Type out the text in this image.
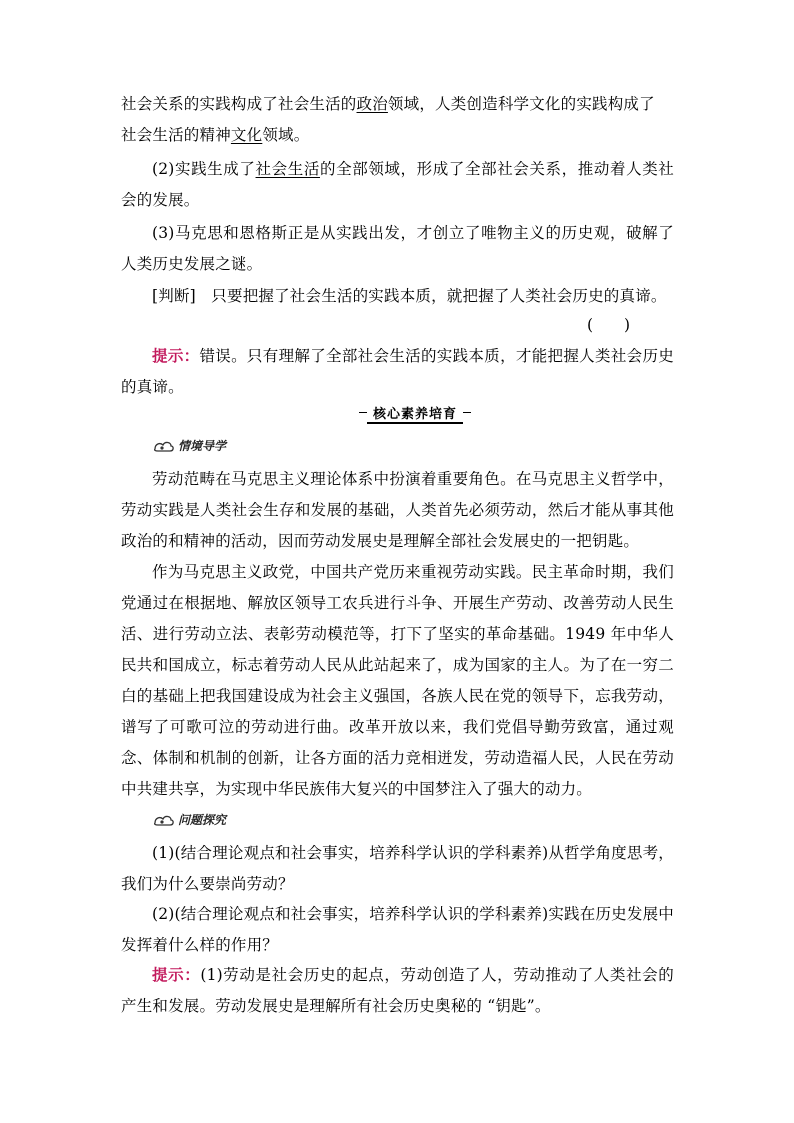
社会关系的实践构成了社会生活的政治领域，人类创造科学文化的实践构成了
社会生活的精神文化领域。

(2)实践生成了社会生活的全部领域，形成了全部社会关系，推动着人类社会的发展。

(3)马克思和恩格斯正是从实践出发，才创立了唯物主义的历史观，破解了人类历史发展之谜。

[判断] 只要把握了社会生活的实践本质，就把握了人类社会历史的真谛。

(　　)

提示：错误。只有理解了全部社会生活的实践本质，才能把握人类社会历史的真谛。

核心素养培育
情境导学

劳动范畴在马克思主义理论体系中扮演着重要角色。在马克思主义哲学中，劳动实践是人类社会生存和发展的基础，人类首先必须劳动，然后才能从事其他政治的和精神的活动，因而劳动发展史是理解全部社会发展史的一把钥匙。

作为马克思主义政党，中国共产党历来重视劳动实践。民主革命时期，我们党通过在根据地、解放区领导工农兵进行斗争、开展生产劳动、改善劳动人民生活、进行劳动立法、表彰劳动模范等，打下了坚实的革命基础。1949 年中华人民共和国成立，标志着劳动人民从此站起来了，成为国家的主人。为了在一穷二白的基础上把我国建设成为社会主义强国，各族人民在党的领导下，忘我劳动，谱写了可歌可泣的劳动进行曲。改革开放以来，我们党倡导勤劳致富，通过观念、体制和机制的创新，让各方面的活力竞相迸发，劳动造福人民，人民在劳动中共建共享，为实现中华民族伟大复兴的中国梦注入了强大的动力。

问题探究

(1)(结合理论观点和社会事实，培养科学认识的学科素养)从哲学角度思考，我们为什么要崇尚劳动？

(2)(结合理论观点和社会事实，培养科学认识的学科素养)实践在历史发展中发挥着什么样的作用？

提示：(1)劳动是社会历史的起点，劳动创造了人，劳动推动了人类社会的产生和发展。劳动发展史是理解所有社会历史奥秘的 “钥匙”。
